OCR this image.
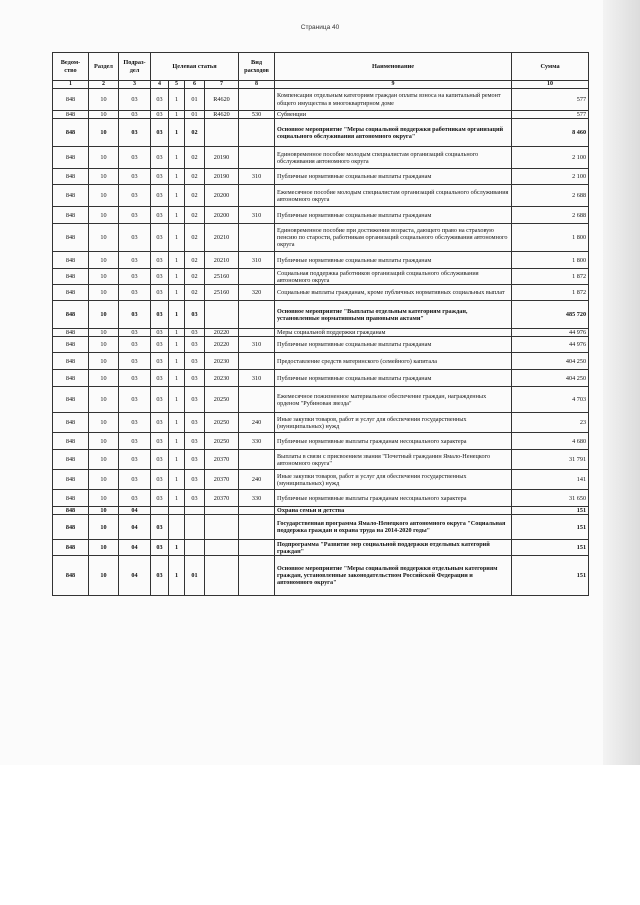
Страница 40
Ведом-ство	Раздел	Подраз-дел	Целевая статья				Вид расходов	Наименование	Сумма
1	2	3	4	5	6	7	8	9	10
848	10	03	03	1	01	R4620		Компенсация отдельным категориям граждан оплаты взноса на капитальный ремонт общего имущества в многоквартирном доме	577
848	10	03	03	1	01	R4620	530	Субвенции	577
848	10	03	03	1	02			Основное мероприятие "Меры социальной поддержки работникам организаций социального обслуживания автономного округа"	8 460
848	10	03	03	1	02	20190		Единовременное пособие молодым специалистам организаций социального обслуживания автономного округа	2 100
848	10	03	03	1	02	20190	310	Публичные нормативные социальные выплаты гражданам	2 100
848	10	03	03	1	02	20200		Ежемесячное пособие молодым специалистам организаций социального обслуживания автономного округа	2 688
848	10	03	03	1	02	20200	310	Публичные нормативные социальные выплаты гражданам	2 688
848	10	03	03	1	02	20210		Единовременное пособие при достижении возраста, дающего право на страховую пенсию по старости, работникам организаций социального обслуживания автономного округа	1 800
848	10	03	03	1	02	20210	310	Публичные нормативные социальные выплаты гражданам	1 800
848	10	03	03	1	02	25160		Социальная поддержка работников организаций социального обслуживания автономного округа	1 872
848	10	03	03	1	02	25160	320	Социальные выплаты гражданам, кроме публичных нормативных социальных выплат	1 872
848	10	03	03	1	03			Основное мероприятие "Выплаты отдельным категориям граждан, установленные нормативными правовыми актами"	485 720
848	10	03	03	1	03	20220		Меры социальной поддержки гражданам	44 976
848	10	03	03	1	03	20220	310	Публичные нормативные социальные выплаты гражданам	44 976
848	10	03	03	1	03	20230		Предоставление средств материнского (семейного) капитала	404 250
848	10	03	03	1	03	20230	310	Публичные нормативные социальные выплаты гражданам	404 250
848	10	03	03	1	03	20250		Ежемесячное пожизненное материальное обеспечение граждан, награжденных орденом "Рубиновая звезда"	4 703
848	10	03	03	1	03	20250	240	Иные закупки товаров, работ и услуг для обеспечения государственных (муниципальных) нужд	23
848	10	03	03	1	03	20250	330	Публичные нормативные выплаты гражданам несоциального характера	4 680
848	10	03	03	1	03	20370		Выплаты в связи с присвоением звания "Почетный гражданин Ямало-Ненецкого автономного округа"	31 791
848	10	03	03	1	03	20370	240	Иные закупки товаров, работ и услуг для обеспечения государственных (муниципальных) нужд	141
848	10	03	03	1	03	20370	330	Публичные нормативные выплаты гражданам несоциального характера	31 650
848	10	04						Охрана семьи и детства	151
848	10	04	03					Государственная программа Ямало-Ненецкого автономного округа "Социальная поддержка граждан и охрана труда на 2014-2020 годы"	151
848	10	04	03	1				Подпрограмма "Развитие мер социальной поддержки отдельных категорий граждан"	151
848	10	04	03	1	01			Основное мероприятие "Меры социальной поддержки отдельным категориям граждан, установленные законодательством Российской Федерации и автономного округа"	151
